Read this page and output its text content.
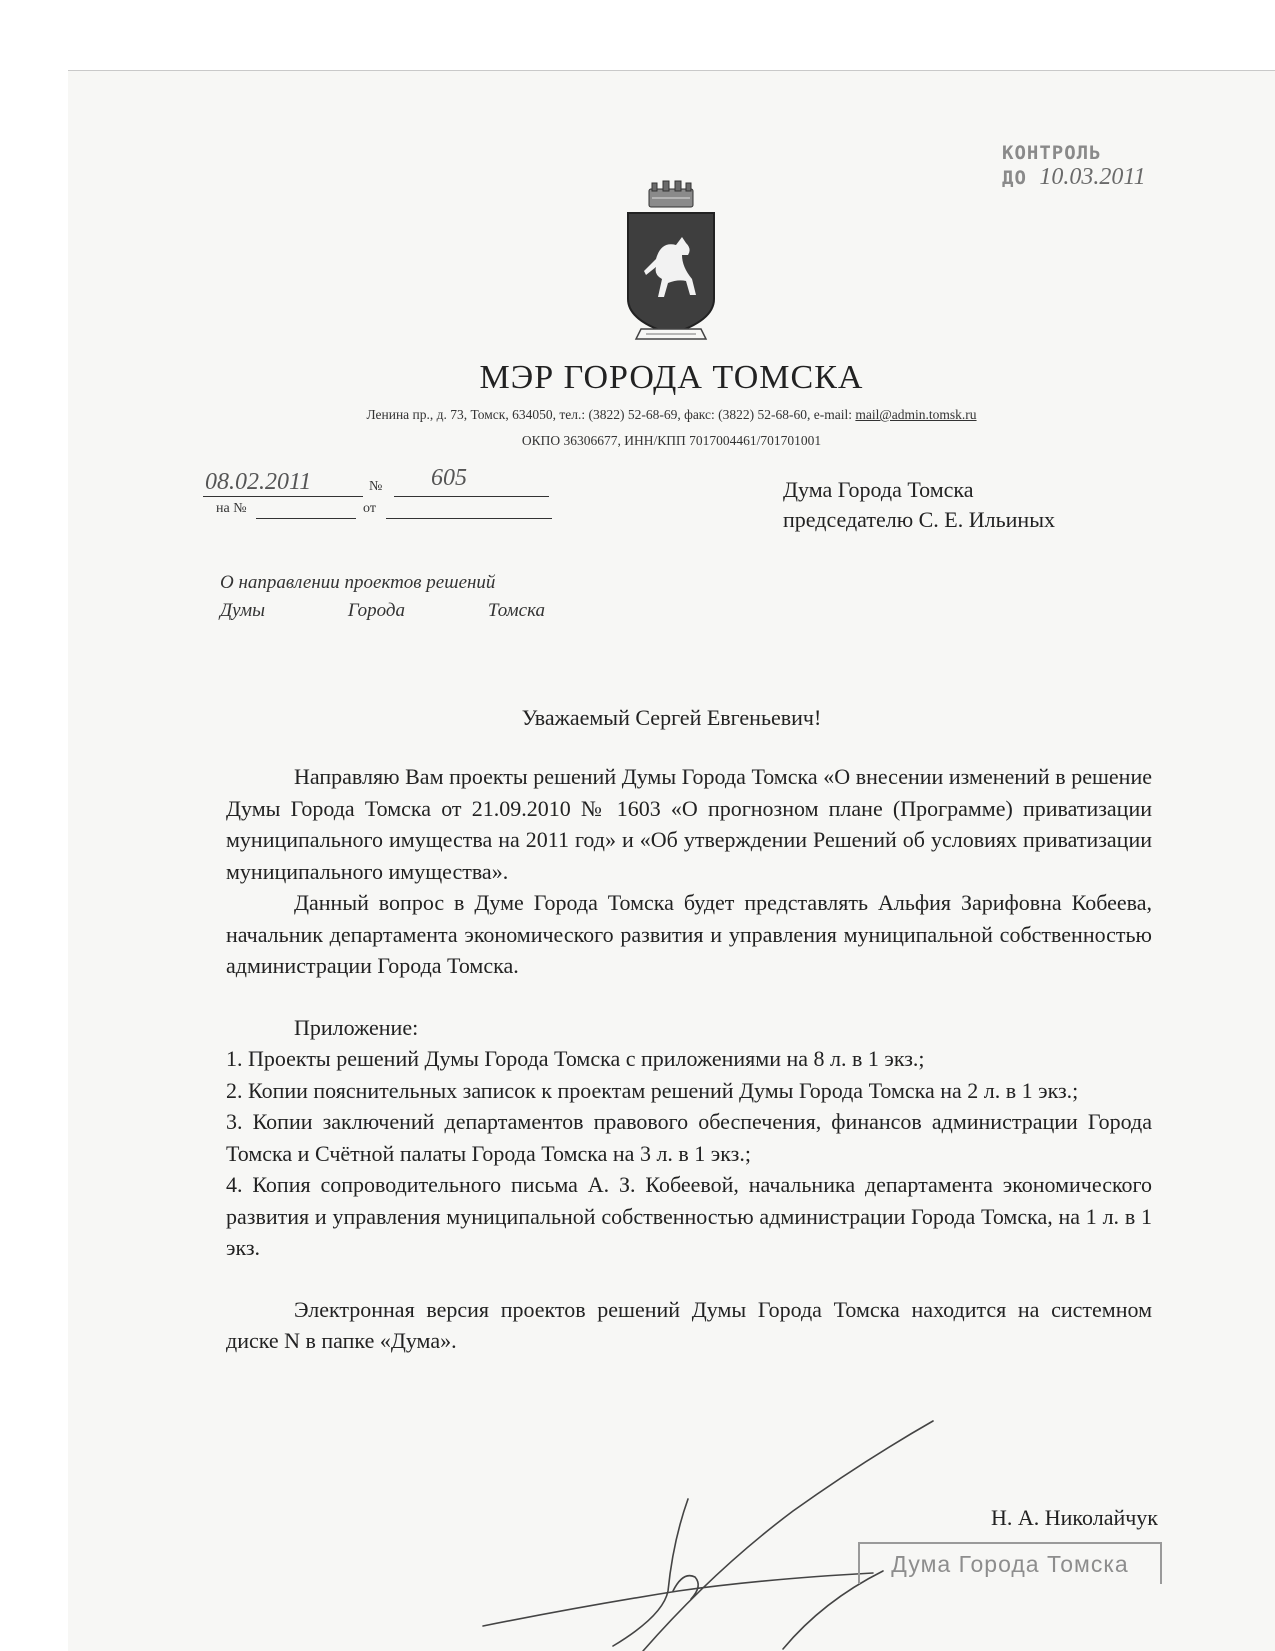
КОНТРОЛЬ
ДО 10.03.2011
МЭР ГОРОДА ТОМСКА
Ленина пр., д. 73, Томск, 634050, тел.: (3822) 52-68-69, факс: (3822) 52-68-60, e-mail: mail@admin.tomsk.ru
ОКПО 36306677, ИНН/КПП 7017004461/701701001
08.02.2011	№ 605
на №	от
Дума Города Томска
председателю С. Е. Ильиных
О направлении проектов решений
Думы	Города	Томска
Уважаемый Сергей Евгеньевич!

Направляю Вам проекты решений Думы Города Томска «О внесении изменений в решение Думы Города Томска от 21.09.2010 № 1603 «О прогнозном плане (Программе) приватизации муниципального имущества на 2011 год» и «Об утверждении Решений об условиях приватизации муниципального имущества».

Данный вопрос в Думе Города Томска будет представлять Альфия Зарифовна Кобеева, начальник департамента экономического развития и управления муниципальной собственностью администрации Города Томска.

Приложение:

1. Проекты решений Думы Города Томска с приложениями на 8 л. в 1 экз.;

2. Копии пояснительных записок к проектам решений Думы Города Томска на 2 л. в 1 экз.;

3. Копии заключений департаментов правового обеспечения, финансов администрации Города Томска и Счётной палаты Города Томска на 3 л. в 1 экз.;

4. Копия сопроводительного письма А. З. Кобеевой, начальника департамента экономического развития и управления муниципальной собственностью администрации Города Томска, на 1 л. в 1 экз.

Электронная версия проектов решений Думы Города Томска находится на системном диске N в папке «Дума».

Н. А. Николайчук
Дума Города Томска
